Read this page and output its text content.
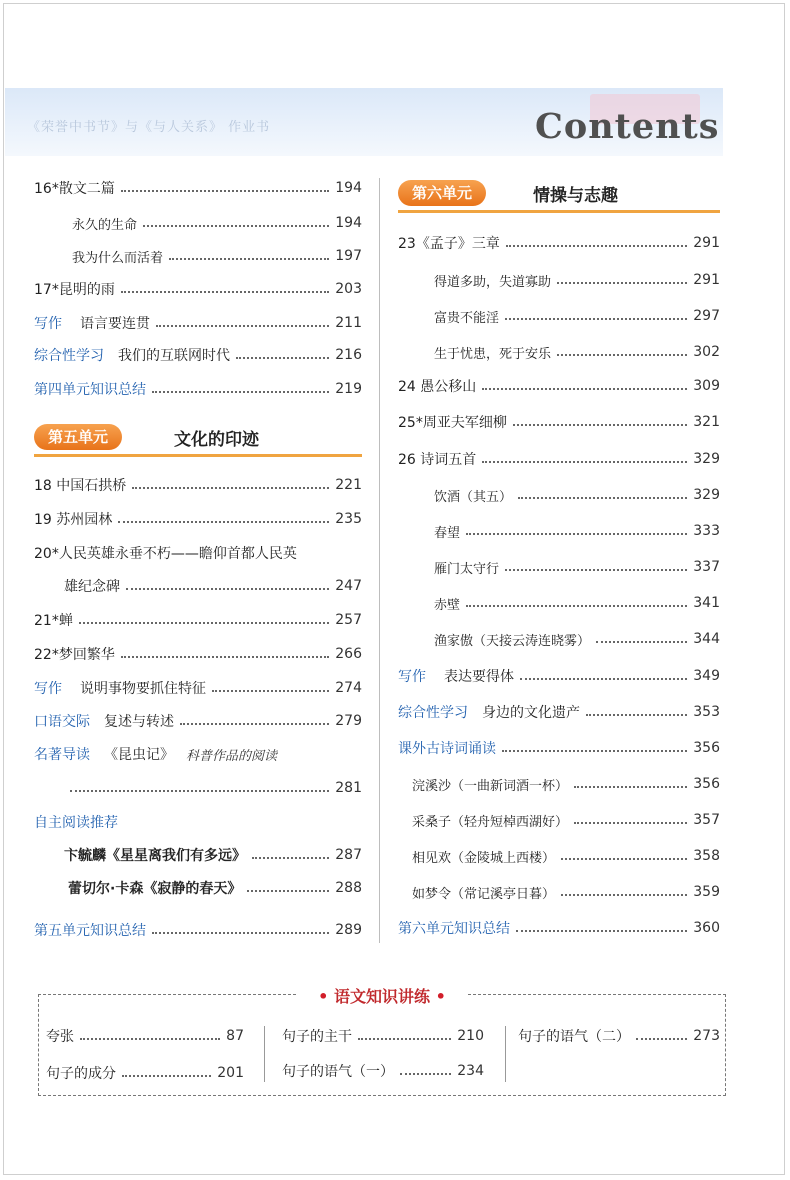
《荣誉中书节》与《与人关系》 作业书	Contents
16*散文二篇	194
永久的生命	194
我为什么而活着	197
17*昆明的雨	203
写作 语言要连贯	211
综合性学习 我们的互联网时代	216
第四单元知识总结	219
第五单元	文化的印迹
18 中国石拱桥	221
19 苏州园林	235
20*人民英雄永垂不朽——瞻仰首都人民英
雄纪念碑	247
21*蝉	257
22*梦回繁华	266
写作 说明事物要抓住特征	274
口语交际 复述与转述	279
名著导读 《昆虫记》 科普作品的阅读
281
自主阅读推荐
卞毓麟《星星离我们有多远》	287
蕾切尔·卡森《寂静的春天》	288
第五单元知识总结	289
第六单元	情操与志趣
23《孟子》三章	291
得道多助，失道寡助	291
富贵不能淫	297
生于忧患，死于安乐	302
24 愚公移山	309
25*周亚夫军细柳	321
26 诗词五首	329
饮酒（其五）	329
春望	333
雁门太守行	337
赤壁	341
渔家傲（天接云涛连晓雾）	344
写作 表达要得体	349
综合性学习 身边的文化遗产	353
课外古诗词诵读	356
浣溪沙（一曲新词酒一杯）	356
采桑子（轻舟短棹西湖好）	357
相见欢（金陵城上西楼）	358
如梦令（常记溪亭日暮）	359
第六单元知识总结	360
• 语文知识讲练 •
夸张	87
句子的成分	201
句子的主干	210
句子的语气（一）	234
句子的语气（二）	273
